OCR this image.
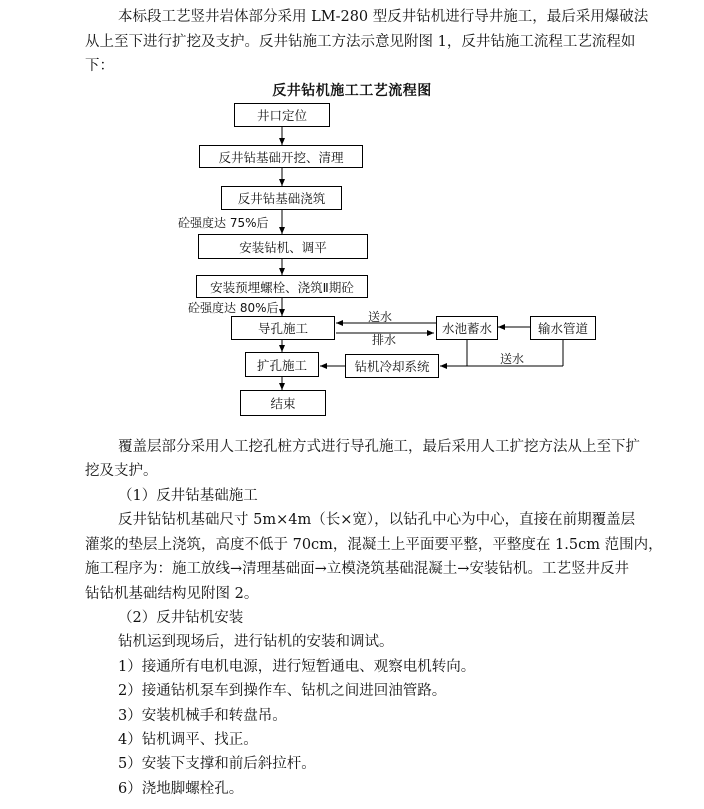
本标段工艺竖井岩体部分采用 LM-280 型反井钻机进行导井施工，最后采用爆破法
从上至下进行扩挖及支护。反井钻施工方法示意见附图 1，反井钻施工流程工艺流程如
下：
反井钻机施工工艺流程图
井口定位
反井钻基础开挖、清理
反井钻基础浇筑
砼强度达 75%后
安装钻机、调平
安装预埋螺栓、浇筑Ⅱ期砼
砼强度达 80%后
导孔施工
送水
排水
水池蓄水	输水管道
送水
扩孔施工	钻机冷却系统
结束
覆盖层部分采用人工挖孔桩方式进行导孔施工，最后采用人工扩挖方法从上至下扩
挖及支护。
（1）反井钻基础施工
反井钻钻机基础尺寸 5m×4m（长×宽），以钻孔中心为中心，直接在前期覆盖层
灌浆的垫层上浇筑，高度不低于 70cm，混凝土上平面要平整，平整度在 1.5cm 范围内，
施工程序为：施工放线→清理基础面→立模浇筑基础混凝土→安装钻机。工艺竖井反井
钻钻机基础结构见附图 2。
（2）反井钻机安装
钻机运到现场后，进行钻机的安装和调试。
1）接通所有电机电源，进行短暂通电、观察电机转向。
2）接通钻机泵车到操作车、钻机之间进回油管路。
3）安装机械手和转盘吊。
4）钻机调平、找正。
5）安装下支撑和前后斜拉杆。
6）浇地脚螺栓孔。
